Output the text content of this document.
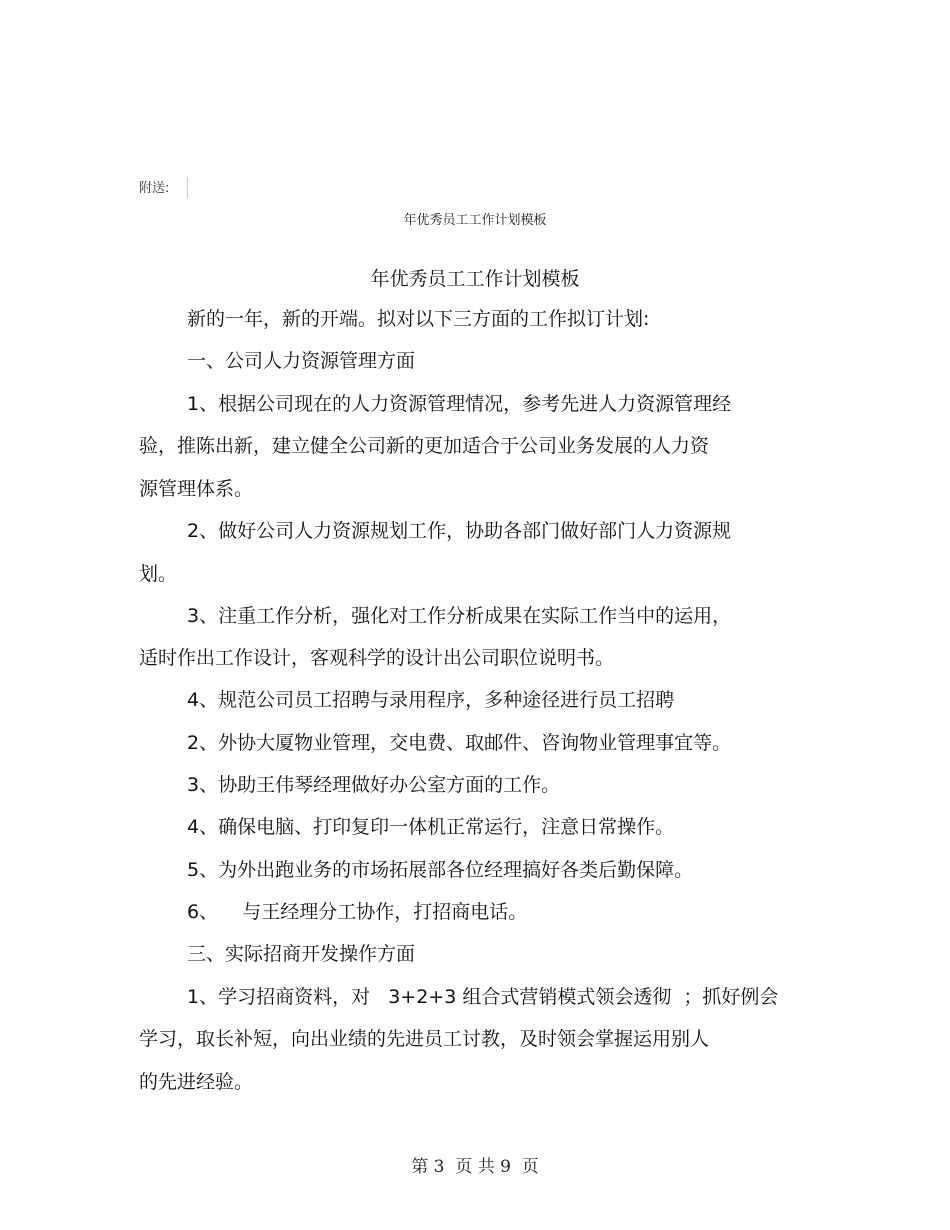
附送:
年优秀员工工作计划模板
年优秀员工工作计划模板
新的一年，新的开端。拟对以下三方面的工作拟订计划:
一、公司人力资源管理方面
1、根据公司现在的人力资源管理情况，参考先进人力资源管理经
验，推陈出新，建立健全公司新的更加适合于公司业务发展的人力资
源管理体系。
2、做好公司人力资源规划工作，协助各部门做好部门人力资源规
划。
3、注重工作分析，强化对工作分析成果在实际工作当中的运用，
适时作出工作设计，客观科学的设计出公司职位说明书。
4、规范公司员工招聘与录用程序，多种途径进行员工招聘
2、外协大厦物业管理，交电费、取邮件、咨询物业管理事宜等。
3、协助王伟琴经理做好办公室方面的工作。
4、确保电脑、打印复印一体机正常运行，注意日常操作。
5、为外出跑业务的市场拓展部各位经理搞好各类后勤保障。
6、    与王经理分工协作，打招商电话。
三、实际招商开发操作方面
1、学习招商资料，对   3+2+3 组合式营销模式领会透彻  ；抓好例会
学习，取长补短，向出业绩的先进员工讨教，及时领会掌握运用别人
的先进经验。
第 3  页 共 9  页
